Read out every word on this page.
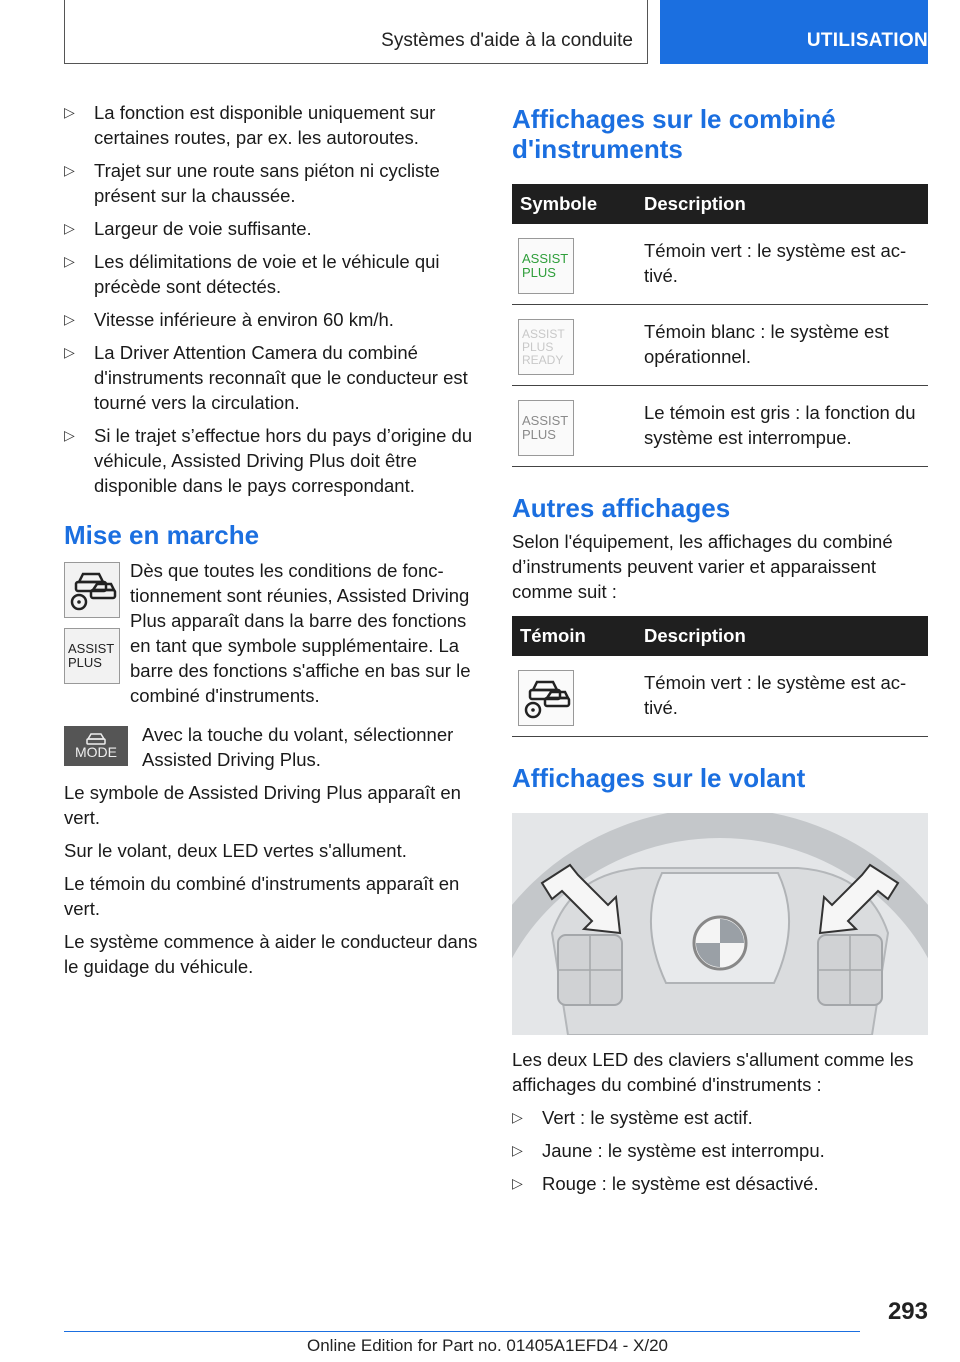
Systèmes d'aide à la conduite	UTILISATION
▷ La fonction est disponible uniquement sur certaines routes, par ex. les autoroutes.
▷ Trajet sur une route sans piéton ni cycliste présent sur la chaussée.
▷ Largeur de voie suffisante.
▷ Les délimitations de voie et le véhicule qui précède sont détectés.
▷ Vitesse inférieure à environ 60 km/h.
▷ La Driver Attention Camera du combiné d'instruments reconnaît que le conducteur est tourné vers la circulation.
▷ Si le trajet s’effectue hors du pays d’origine du véhicule, Assisted Driving Plus doit être disponible dans le pays correspondant.
Mise en marche
ASSIST
PLUS

Dès que toutes les conditions de fonctionnement sont réunies, Assisted Driving Plus apparaît dans la barre des fonctions en tant que symbole supplémentaire. La barre des fonctions s'affiche en bas sur le combiné d'instruments.

MODE

Avec la touche du volant, sélectionner Assisted Driving Plus.

Le symbole de Assisted Driving Plus apparaît en vert.

Sur le volant, deux LED vertes s'allument.

Le témoin du combiné d'instruments apparaît en vert.

Le système commence à aider le conducteur dans le guidage du véhicule.

Affichages sur le combiné d'instruments
Symbole	Description

ASSIST
PLUS	Témoin vert : le système est activé.

ASSIST
PLUS
READY	Témoin blanc : le système est opérationnel.

ASSIST
PLUS	Le témoin est gris : la fonction du système est interrompue.
Autres affichages

Selon l'équipement, les affichages du combiné d’instruments peuvent varier et apparaissent comme suit :

Témoin	Description

	Témoin vert : le système est activé.
Affichages sur le volant

Les deux LED des claviers s'allument comme les affichages du combiné d'instruments :

▷ Vert : le système est actif.
▷ Jaune : le système est interrompu.
▷ Rouge : le système est désactivé.
293
Online Edition for Part no. 01405A1EFD4 - X/20
